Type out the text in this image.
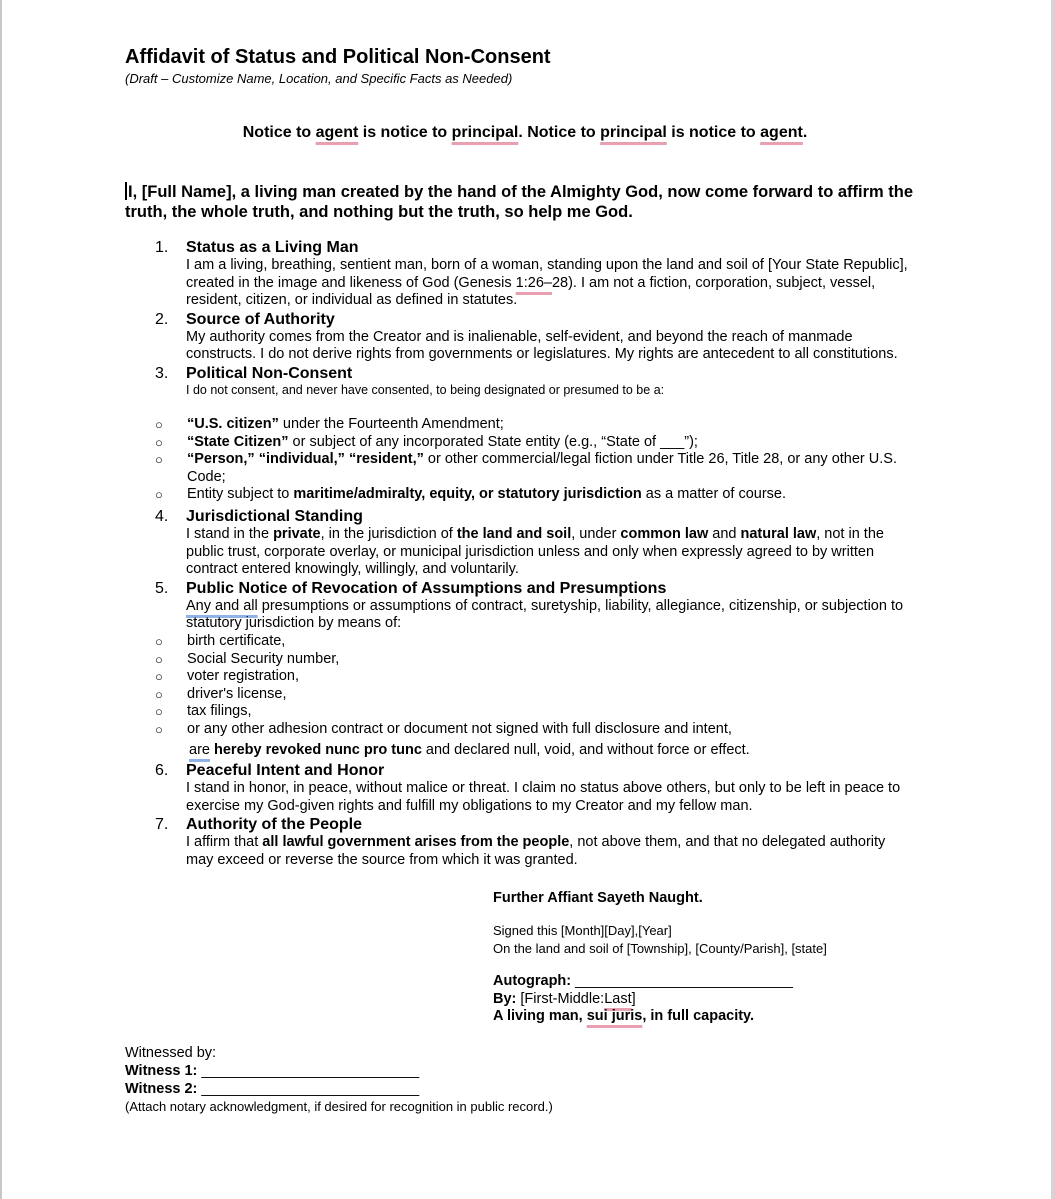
Affidavit of Status and Political Non-Consent
(Draft – Customize Name, Location, and Specific Facts as Needed)
Notice to agent is notice to principal. Notice to principal is notice to agent.
I, [Full Name], a living man created by the hand of the Almighty God, now come forward to affirm the truth, the whole truth, and nothing but the truth, so help me God.
1. Status as a Living Man
I am a living, breathing, sentient man, born of a woman, standing upon the land and soil of [Your State Republic], created in the image and likeness of God (Genesis 1:26–28). I am not a fiction, corporation, subject, vessel, resident, citizen, or individual as defined in statutes.
2. Source of Authority
My authority comes from the Creator and is inalienable, self-evident, and beyond the reach of manmade constructs. I do not derive rights from governments or legislatures. My rights are antecedent to all constitutions.
3. Political Non-Consent
I do not consent, and never have consented, to being designated or presumed to be a:
○ “U.S. citizen” under the Fourteenth Amendment;
○ “State Citizen” or subject of any incorporated State entity (e.g., “State of ___”);
○ “Person,” “individual,” “resident,” or other commercial/legal fiction under Title 26, Title 28, or any other U.S. Code;
○ Entity subject to maritime/admiralty, equity, or statutory jurisdiction as a matter of course.
4. Jurisdictional Standing
I stand in the private, in the jurisdiction of the land and soil, under common law and natural law, not in the public trust, corporate overlay, or municipal jurisdiction unless and only when expressly agreed to by written contract entered knowingly, willingly, and voluntarily.
5. Public Notice of Revocation of Assumptions and Presumptions
Any and all presumptions or assumptions of contract, suretyship, liability, allegiance, citizenship, or subjection to statutory jurisdiction by means of:
○ birth certificate,
○ Social Security number,
○ voter registration,
○ driver's license,
○ tax filings,
○ or any other adhesion contract or document not signed with full disclosure and intent,
are hereby revoked nunc pro tunc and declared null, void, and without force or effect.
6. Peaceful Intent and Honor
I stand in honor, in peace, without malice or threat. I claim no status above others, but only to be left in peace to exercise my God-given rights and fulfill my obligations to my Creator and my fellow man.
7. Authority of the People
I affirm that all lawful government arises from the people, not above them, and that no delegated authority may exceed or reverse the source from which it was granted.
Further Affiant Sayeth Naught.
Signed this [Month][Day],[Year]
On the land and soil of [Township], [County/Parish], [state]
Autograph: ___________________________
By: [First-Middle:Last]
A living man, sui juris, in full capacity.
Witnessed by:
Witness 1: ___________________________
Witness 2: ___________________________
(Attach notary acknowledgment, if desired for recognition in public record.)
